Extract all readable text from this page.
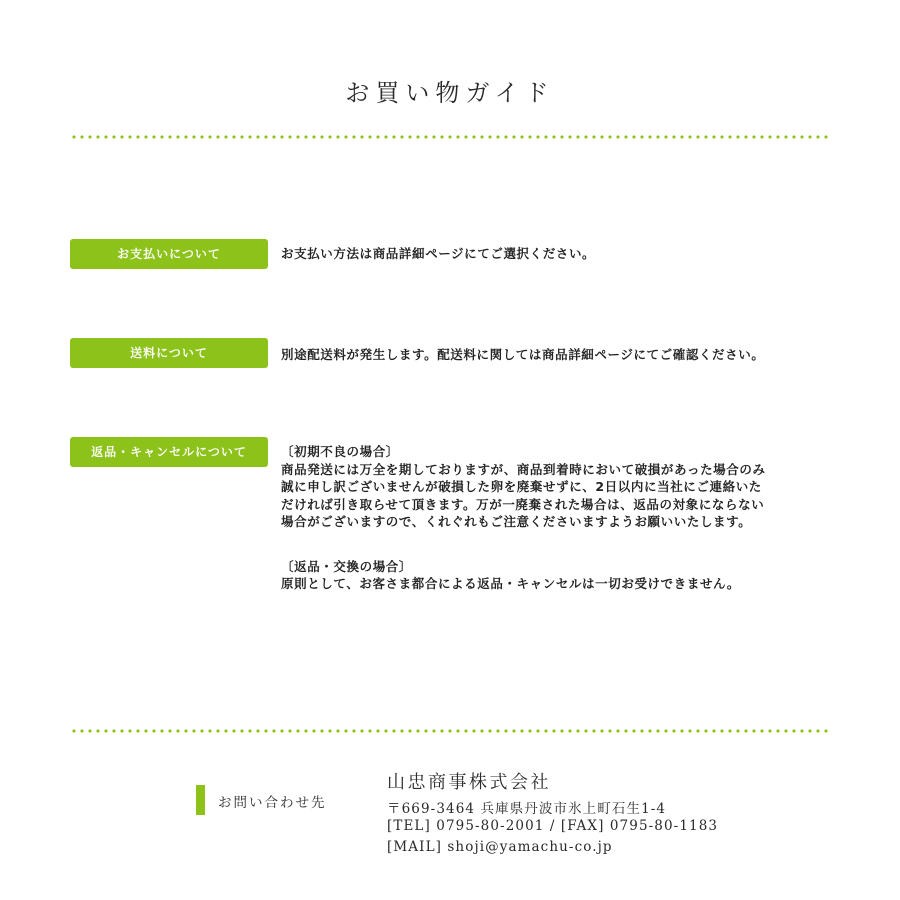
お買い物ガイド
お支払いについて	お支払い方法は商品詳細ページにてご選択ください。
送料について	別途配送料が発生します。配送料に関しては商品詳細ページにてご確認ください。
返品・キャンセルについて	〔初期不良の場合〕

商品発送には万全を期しておりますが、商品到着時において破損があった場合のみ誠に申し訳ございませんが破損した卵を廃棄せずに、2日以内に当社にご連絡いただければ引き取らせて頂きます。万が一廃棄された場合は、返品の対象にならない場合がございますので、くれぐれもご注意くださいますようお願いいたします。

〔返品・交換の場合〕

原則として、お客さま都合による返品・キャンセルは一切お受けできません。

お問い合わせ先
山忠商事株式会社
〒669-3464 兵庫県丹波市氷上町石生1-4
[TEL] 0795-80-2001 / [FAX] 0795-80-1183
[MAIL] shoji@yamachu-co.jp
